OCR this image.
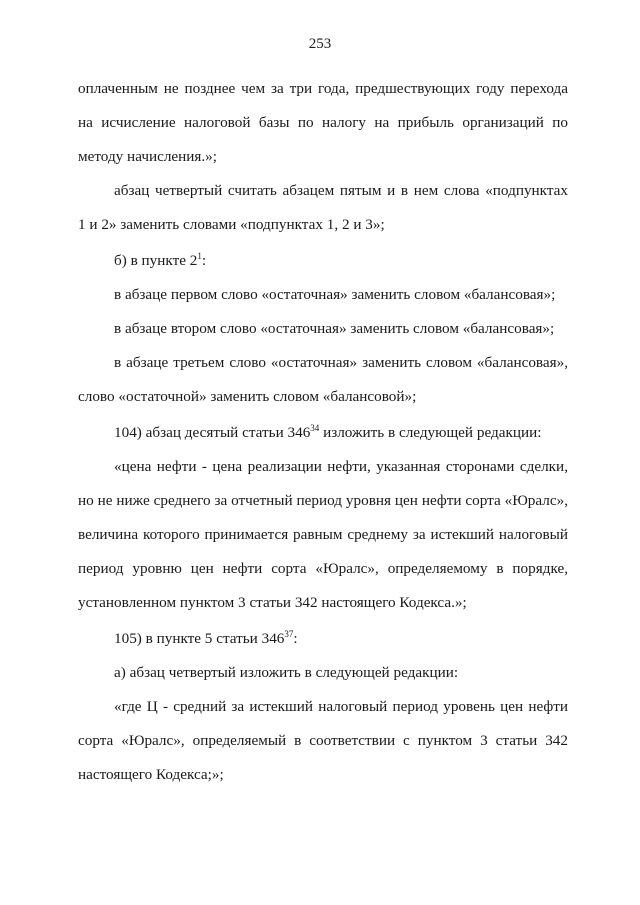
253
оплаченным не позднее чем за три года, предшествующих году перехода
на исчисление налоговой базы по налогу на прибыль организаций по
методу начисления.»;
абзац четвертый считать абзацем пятым и в нем слова «подпунктах
1 и 2» заменить словами «подпунктах 1, 2 и 3»;
б) в пункте $2^1$:
в абзаце первом слово «остаточная» заменить словом «балансовая»;
в абзаце втором слово «остаточная» заменить словом «балансовая»;
в абзаце третьем слово «остаточная» заменить словом «балансовая»,
слово «остаточной» заменить словом «балансовой»;
104) абзац десятый статьи $346^{34}$ изложить в следующей редакции:
«цена нефти - цена реализации нефти, указанная сторонами сделки,
но не ниже среднего за отчетный период уровня цен нефти сорта «Юралс»,
величина которого принимается равным среднему за истекший налоговый
период уровню цен нефти сорта «Юралс», определяемому в порядке,
установленном пунктом 3 статьи 342 настоящего Кодекса.»;
105) в пункте 5 статьи $346^{37}$:
а) абзац четвертый изложить в следующей редакции:
«где Ц - средний за истекший налоговый период уровень цен нефти
сорта «Юралс», определяемый в соответствии с пунктом 3 статьи 342
настоящего Кодекса;»;
